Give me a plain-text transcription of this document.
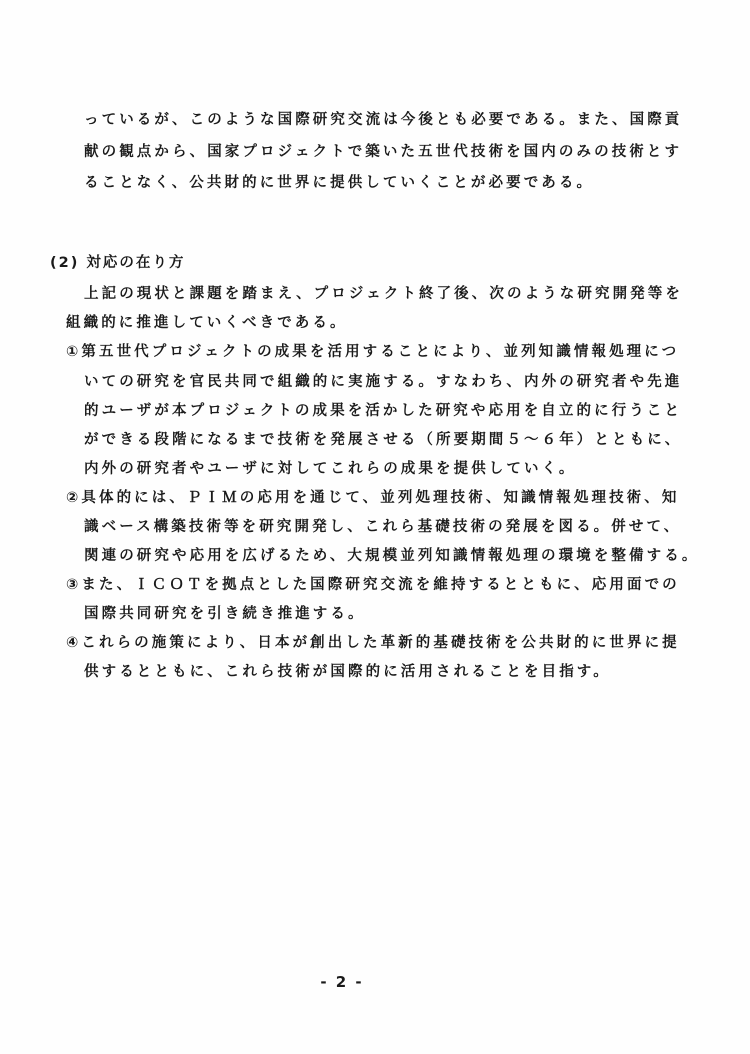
っているが、このような国際研究交流は今後とも必要である。また、国際貢
献の観点から、国家プロジェクトで築いた五世代技術を国内のみの技術とす
ることなく、公共財的に世界に提供していくことが必要である。
(2) 対応の在り方
上記の現状と課題を踏まえ、プロジェクト終了後、次のような研究開発等を
組織的に推進していくべきである。
①第五世代プロジェクトの成果を活用することにより、並列知識情報処理につ
いての研究を官民共同で組織的に実施する。すなわち、内外の研究者や先進
的ユーザが本プロジェクトの成果を活かした研究や応用を自立的に行うこと
ができる段階になるまで技術を発展させる（所要期間５～６年）とともに、
内外の研究者やユーザに対してこれらの成果を提供していく。
②具体的には、ＰＩＭの応用を通じて、並列処理技術、知識情報処理技術、知
識ベース構築技術等を研究開発し、これら基礎技術の発展を図る。併せて、
関連の研究や応用を広げるため、大規模並列知識情報処理の環境を整備する。
③また、ＩＣＯＴを拠点とした国際研究交流を維持するとともに、応用面での
国際共同研究を引き続き推進する。
④これらの施策により、日本が創出した革新的基礎技術を公共財的に世界に提
供するとともに、これら技術が国際的に活用されることを目指す。
- 2 -
